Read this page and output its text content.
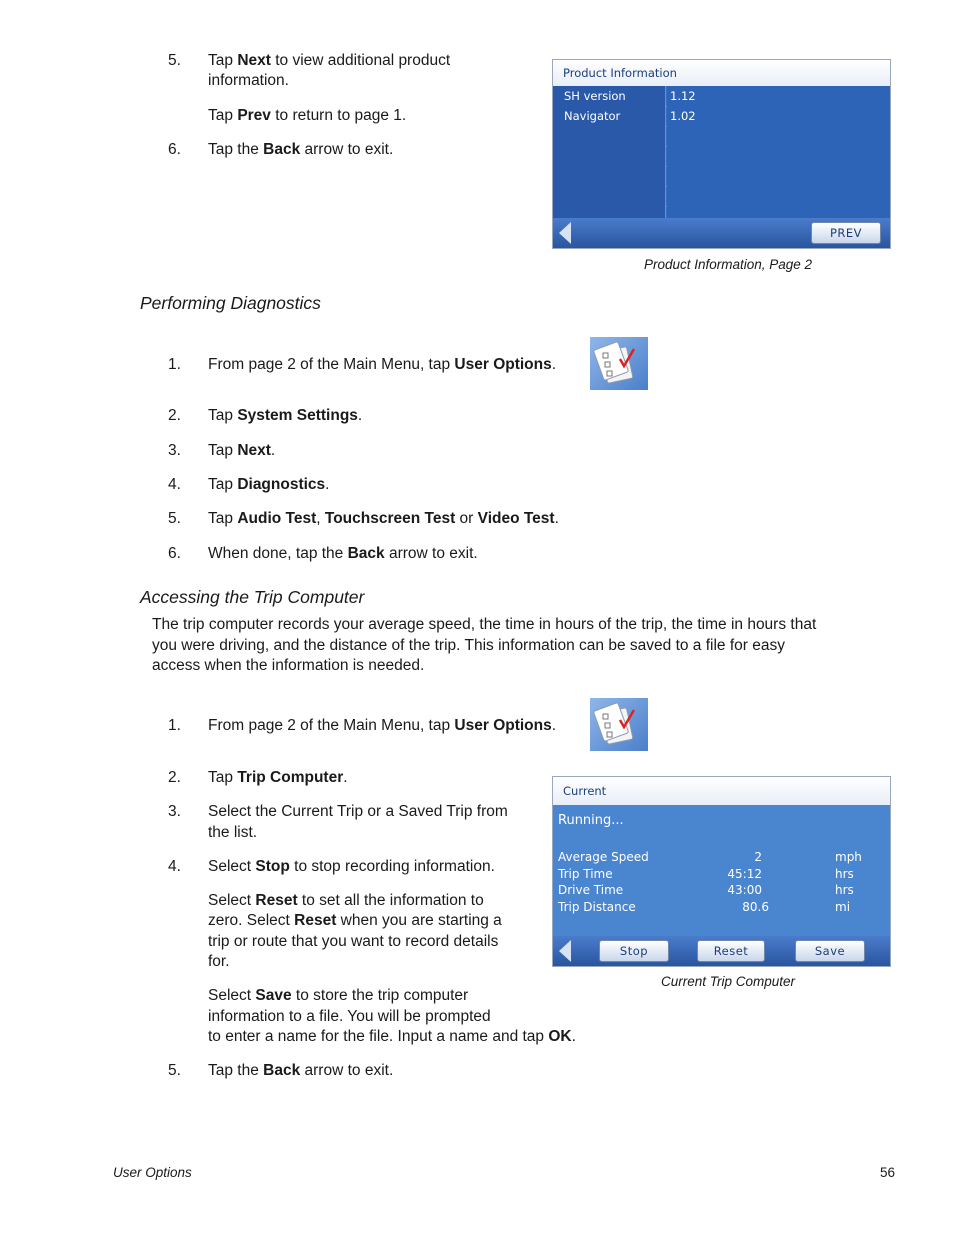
5.	Tap Next to view additional product
information.
Tap Prev to return to page 1.
6.	Tap the Back arrow to exit.
Product Information
SH version	1.12
Navigator	1.02
PREV
Product Information, Page 2
Performing Diagnostics
1.	From page 2 of the Main Menu, tap User Options.
2.	Tap System Settings.
3.	Tap Next.
4.	Tap Diagnostics.
5.	Tap Audio Test, Touchscreen Test or Video Test.
6.	When done, tap the Back arrow to exit.
Accessing the Trip Computer
The trip computer records your average speed, the time in hours of the trip, the time in hours that
you were driving, and the distance of the trip. This information can be saved to a file for easy
access when the information is needed.
1.	From page 2 of the Main Menu, tap User Options.
2.	Tap Trip Computer.
3.	Select the Current Trip or a Saved Trip from
the list.
4.	Select Stop to stop recording information.
Select Reset to set all the information to
zero. Select Reset when you are starting a
trip or route that you want to record details
for.
Select Save to store the trip computer
information to a file. You will be prompted
to enter a name for the file. Input a name and tap OK.
5.	Tap the Back arrow to exit.
Current
Running...
Average Speed	2	mph
Trip Time	45:12	hrs
Drive Time	43:00	hrs
Trip Distance	80.6	mi
Stop	Reset	Save
Current Trip Computer
User Options	56
